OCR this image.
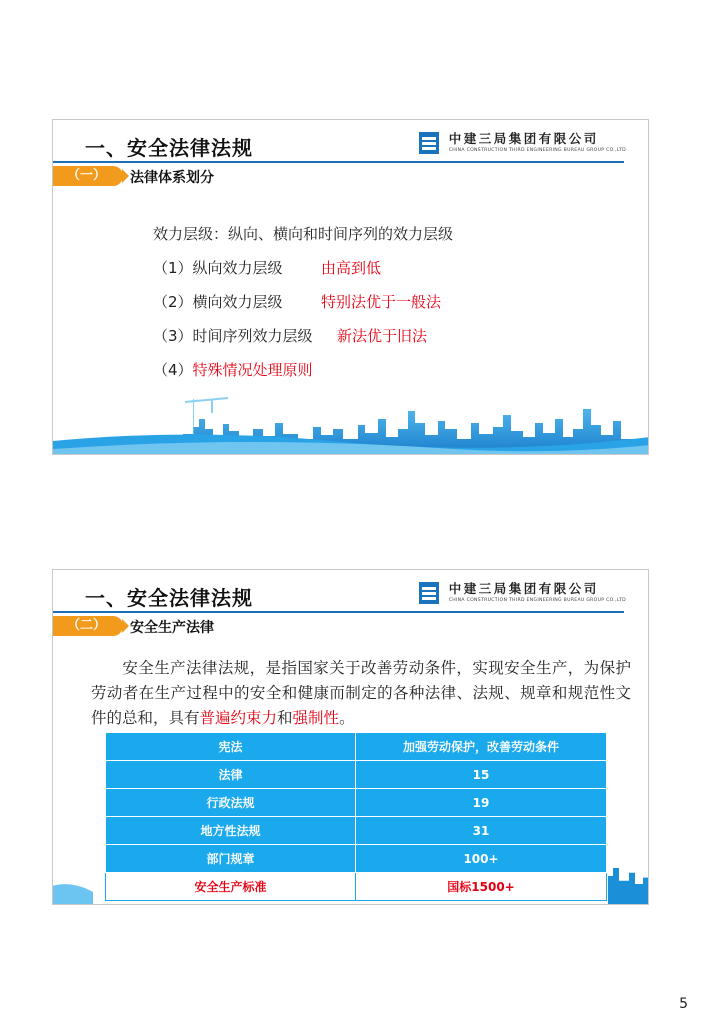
一、安全法律法规	中建三局集团有限公司
CHINA CONSTRUCTION THIRD ENGINEERING BUREAU GROUP CO.,LTD
（一）	法律体系划分
效力层级：纵向、横向和时间序列的效力层级
（1）纵向效力层级	由高到低
（2）横向效力层级	特别法优于一般法
（3）时间序列效力层级 新法优于旧法
（4）特殊情况处理原则
一、安全法律法规	中建三局集团有限公司
CHINA CONSTRUCTION THIRD ENGINEERING BUREAU GROUP CO.,LTD
（二）	安全生产法律
安全生产法律法规，是指国家关于改善劳动条件，实现安全生产，为保护劳动者在生产过程中的安全和健康而制定的各种法律、法规、规章和规范性文件的总和，具有普遍约束力和强制性。
宪法	加强劳动保护，改善劳动条件
法律	15
行政法规	19
地方性法规	31
部门规章	100+
安全生产标准	国标1500+
5
